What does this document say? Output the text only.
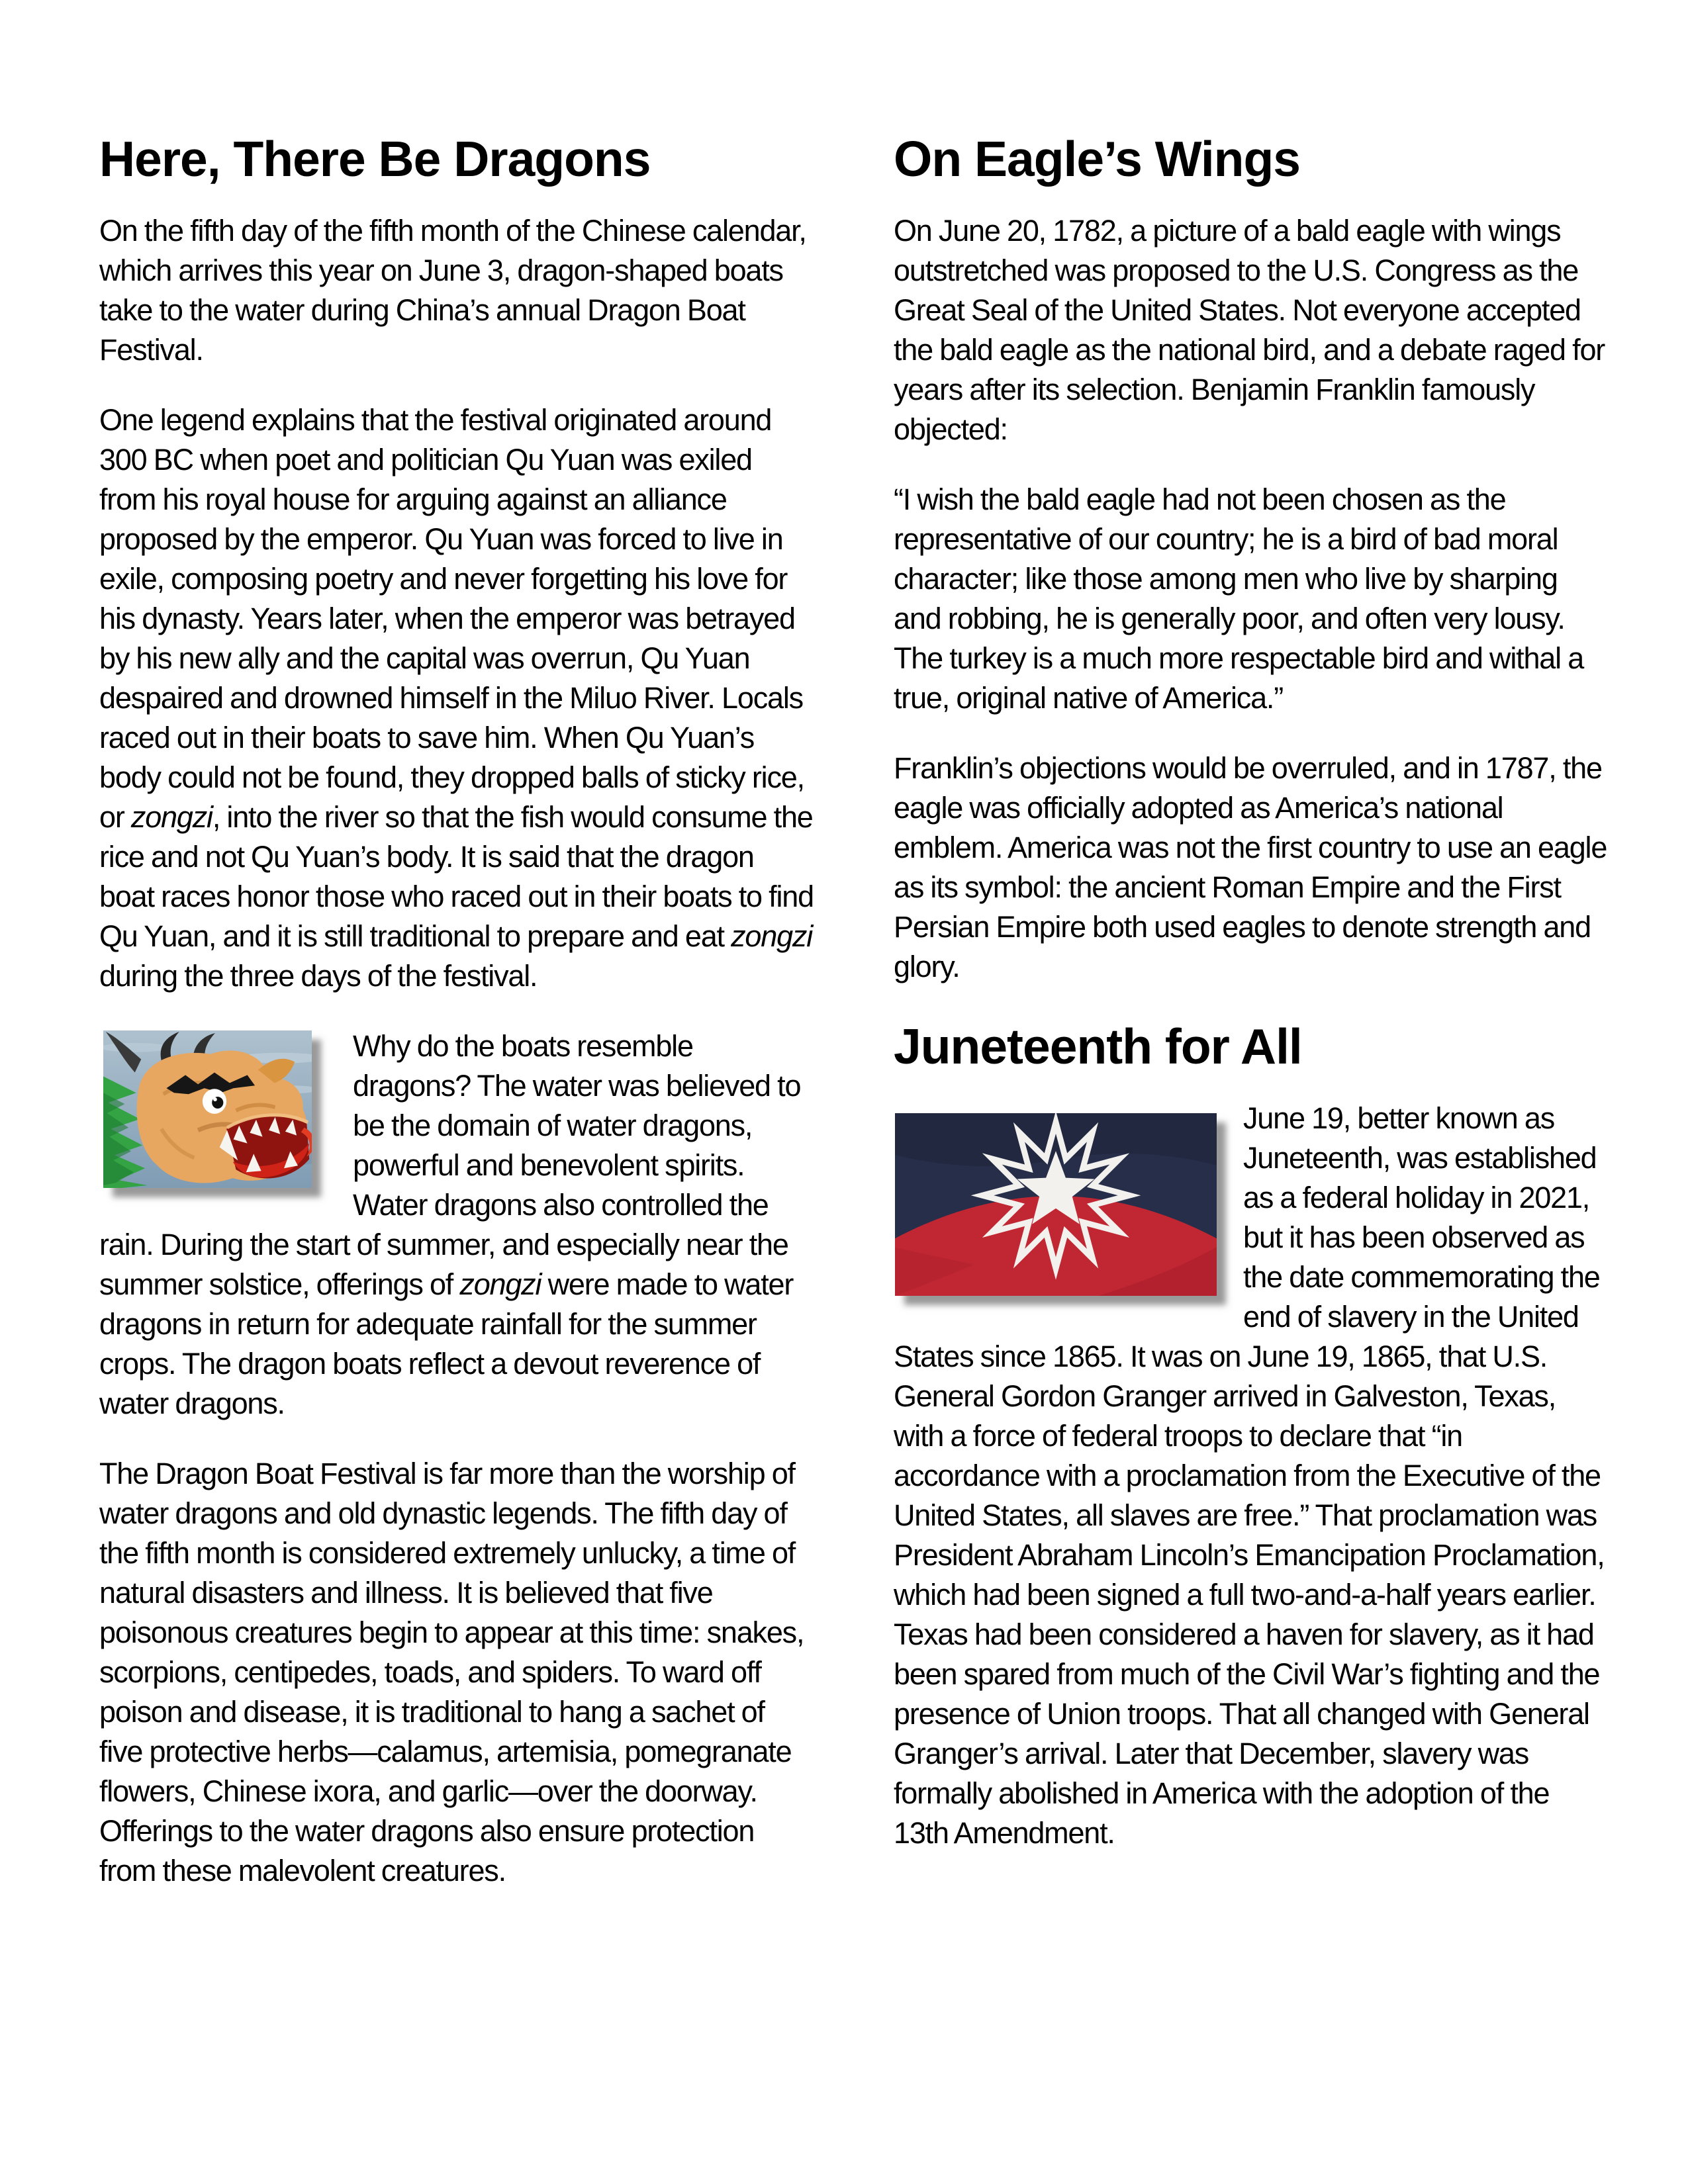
Here, There Be Dragons

On the fifth day of the fifth month of the Chinese calendar, which arrives this year on June 3, dragon-shaped boats take to the water during China’s annual Dragon Boat Festival.

One legend explains that the festival originated around 300 BC when poet and politician Qu Yuan was exiled from his royal house for arguing against an alliance proposed by the emperor. Qu Yuan was forced to live in exile, composing poetry and never forgetting his love for his dynasty. Years later, when the emperor was betrayed by his new ally and the capital was overrun, Qu Yuan despaired and drowned himself in the Miluo River. Locals raced out in their boats to save him. When Qu Yuan’s body could not be found, they dropped balls of sticky rice, or zongzi, into the river so that the fish would consume the rice and not Qu Yuan’s body. It is said that the dragon boat races honor those who raced out in their boats to find Qu Yuan, and it is still traditional to prepare and eat zongzi during the three days of the festival.

Why do the boats resemble dragons? The water was believed to be the domain of water dragons, powerful and benevolent spirits. Water dragons also controlled the rain. During the start of summer, and especially near the summer solstice, offerings of zongzi were made to water dragons in return for adequate rainfall for the summer crops. The dragon boats reflect a devout reverence of water dragons.

The Dragon Boat Festival is far more than the worship of water dragons and old dynastic legends. The fifth day of the fifth month is considered extremely unlucky, a time of natural disasters and illness. It is believed that five poisonous creatures begin to appear at this time: snakes, scorpions, centipedes, toads, and spiders. To ward off poison and disease, it is traditional to hang a sachet of five protective herbs—calamus, artemisia, pomegranate flowers, Chinese ixora, and garlic—over the doorway. Offerings to the water dragons also ensure protection from these malevolent creatures.

On Eagle’s Wings

On June 20, 1782, a picture of a bald eagle with wings outstretched was proposed to the U.S. Congress as the Great Seal of the United States. Not everyone accepted the bald eagle as the national bird, and a debate raged for years after its selection. Benjamin Franklin famously objected:

“I wish the bald eagle had not been chosen as the representative of our country; he is a bird of bad moral character; like those among men who live by sharping and robbing, he is generally poor, and often very lousy. The turkey is a much more respectable bird and withal a true, original native of America.”

Franklin’s objections would be overruled, and in 1787, the eagle was officially adopted as America’s national emblem. America was not the first country to use an eagle as its symbol: the ancient Roman Empire and the First Persian Empire both used eagles to denote strength and glory.

Juneteenth for All

June 19, better known as Juneteenth, was established as a federal holiday in 2021, but it has been observed as the date commemorating the end of slavery in the United States since 1865. It was on June 19, 1865, that U.S. General Gordon Granger arrived in Galveston, Texas, with a force of federal troops to declare that “in accordance with a proclamation from the Executive of the United States, all slaves are free.” That proclamation was President Abraham Lincoln’s Emancipation Proclamation, which had been signed a full two-and-a-half years earlier. Texas had been considered a haven for slavery, as it had been spared from much of the Civil War’s fighting and the presence of Union troops. That all changed with General Granger’s arrival. Later that December, slavery was formally abolished in America with the adoption of the 13th Amendment.
